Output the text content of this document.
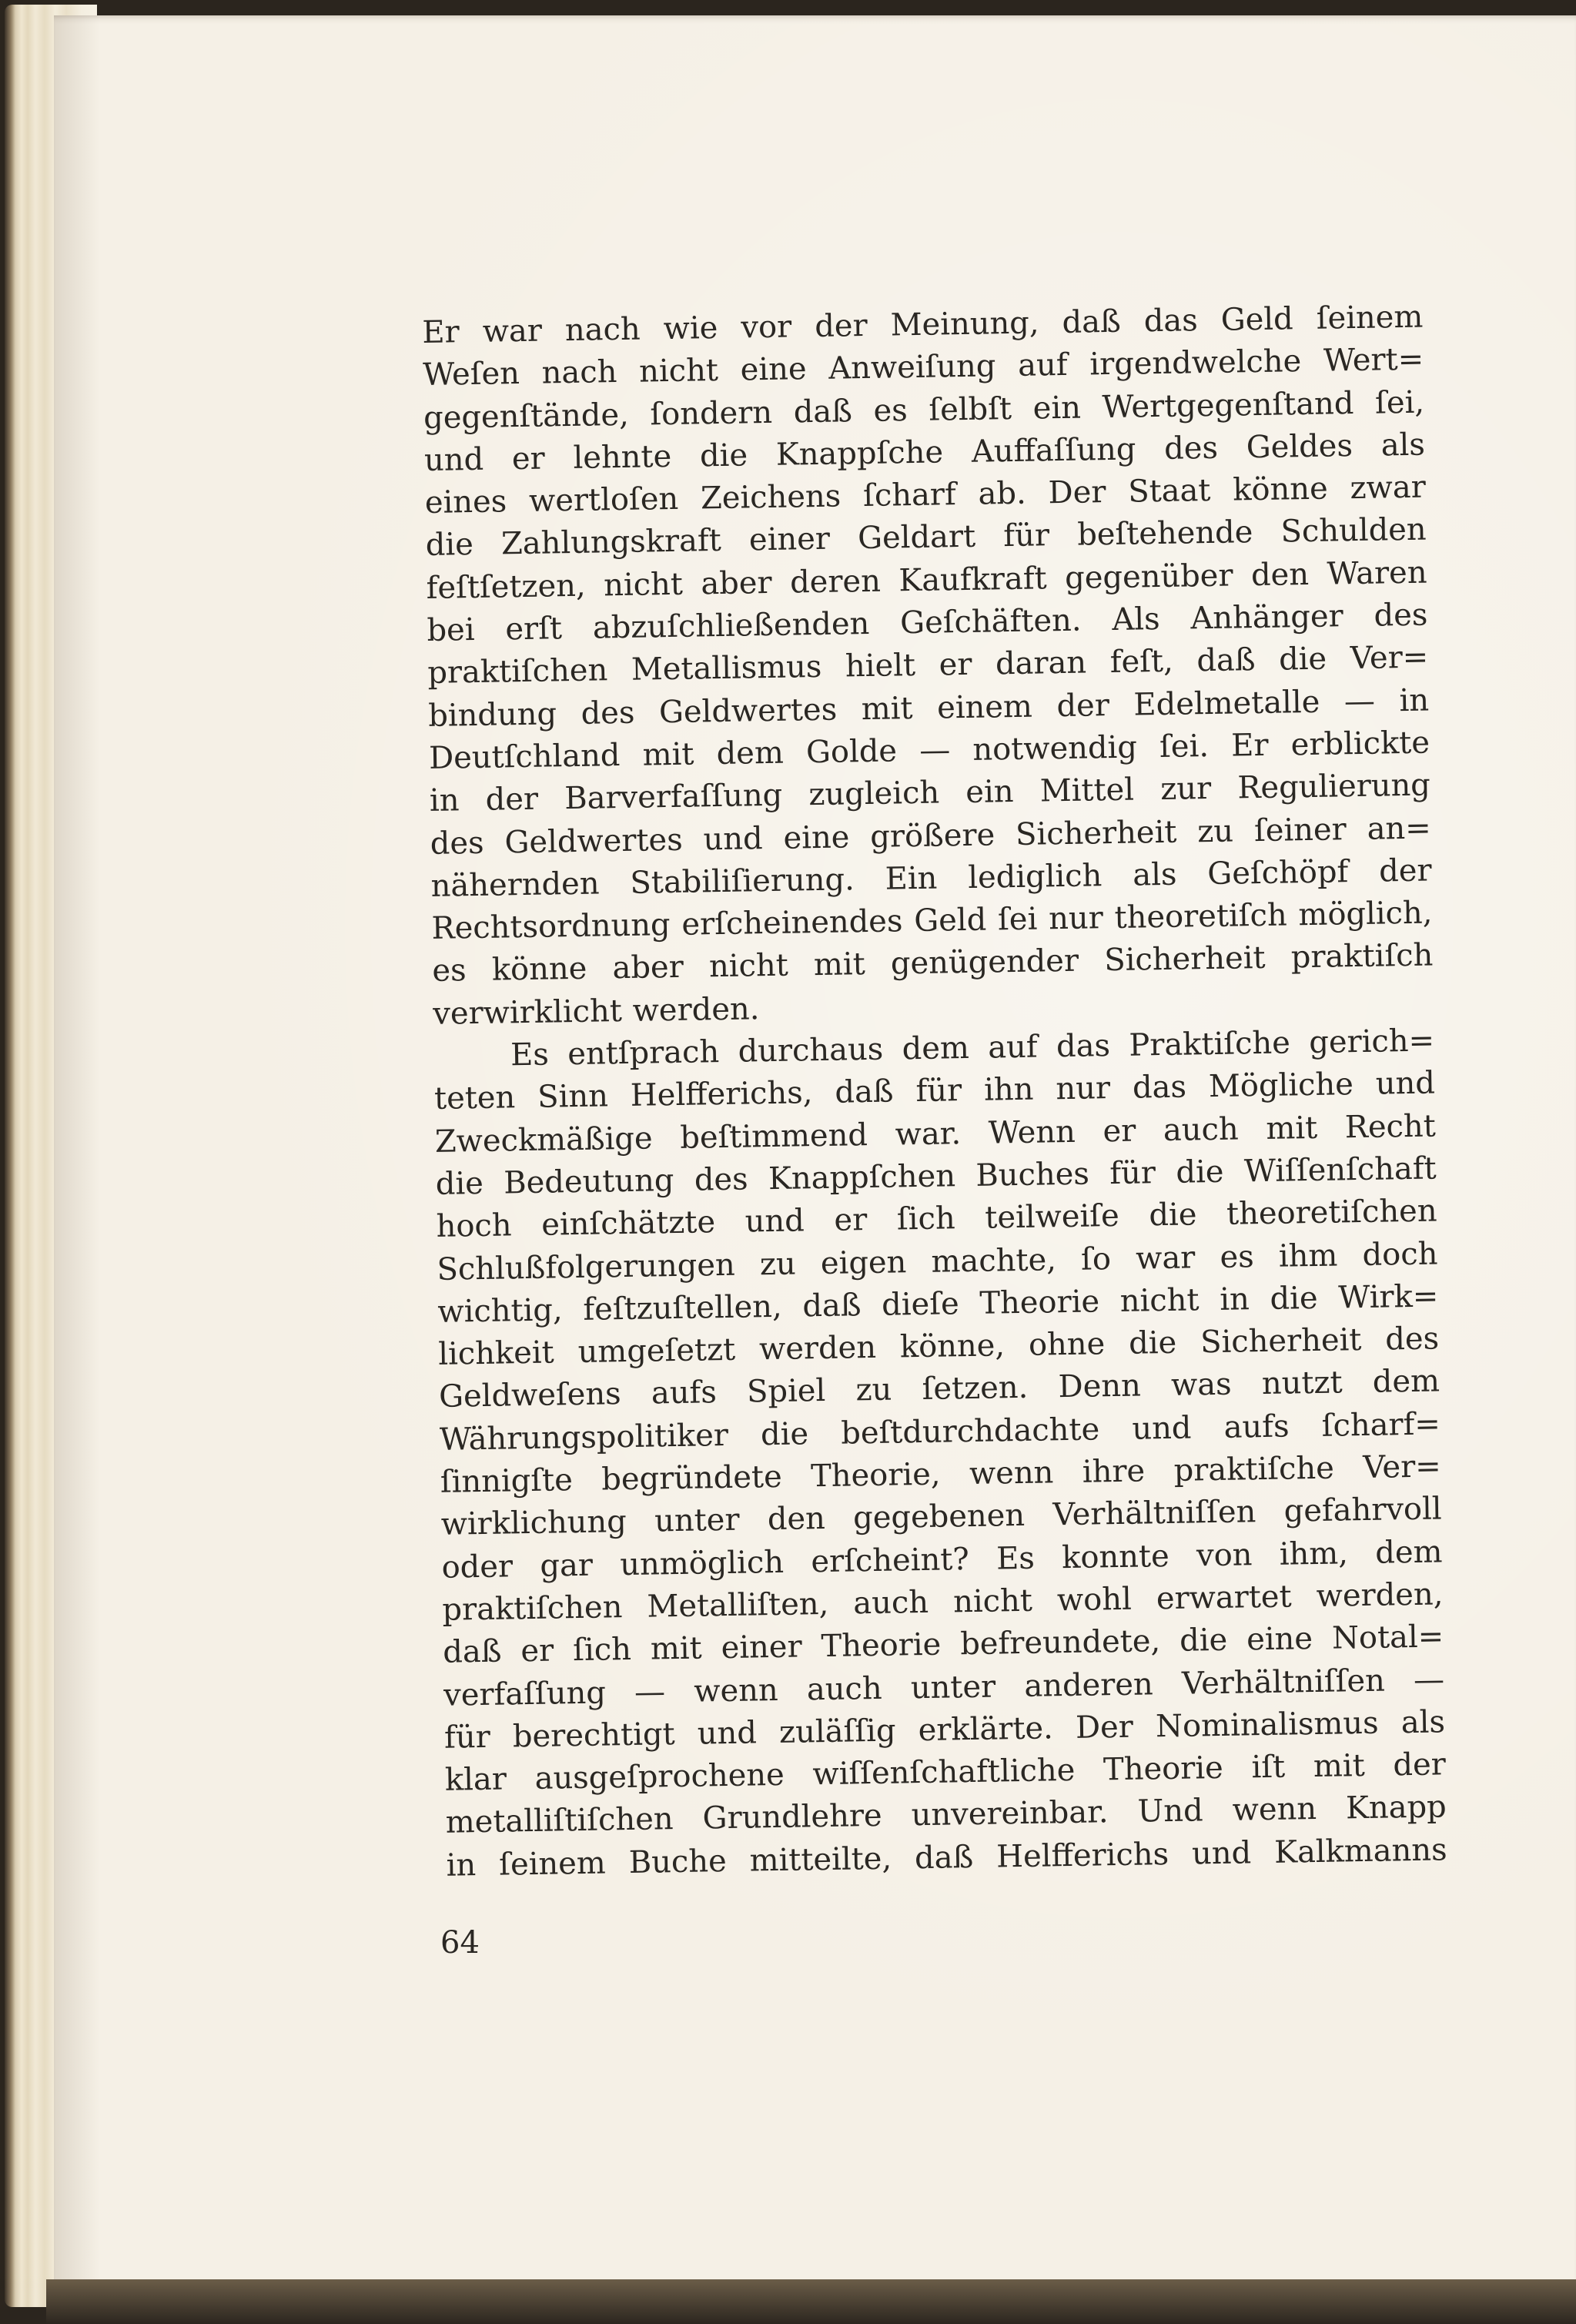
Er war nach wie vor der Meinung, daß das Geld ſeinem
Weſen nach nicht eine Anweiſung auf irgendwelche Wert=
gegenſtände, ſondern daß es ſelbſt ein Wertgegenſtand ſei,
und er lehnte die Knappſche Auffaſſung des Geldes als
eines wertloſen Zeichens ſcharf ab. Der Staat könne zwar
die Zahlungskraft einer Geldart für beſtehende Schulden
feſtſetzen, nicht aber deren Kaufkraft gegenüber den Waren
bei erſt abzuſchließenden Geſchäften. Als Anhänger des
praktiſchen Metallismus hielt er daran feſt, daß die Ver=
bindung des Geldwertes mit einem der Edelmetalle — in
Deutſchland mit dem Golde — notwendig ſei. Er erblickte
in der Barverfaſſung zugleich ein Mittel zur Regulierung
des Geldwertes und eine größere Sicherheit zu ſeiner an=
nähernden Stabiliſierung. Ein lediglich als Geſchöpf der
Rechtsordnung erſcheinendes Geld ſei nur theoretiſch möglich,
es könne aber nicht mit genügender Sicherheit praktiſch
verwirklicht werden.
Es entſprach durchaus dem auf das Praktiſche gerich=
teten Sinn Helfferichs, daß für ihn nur das Mögliche und
Zweckmäßige beſtimmend war. Wenn er auch mit Recht
die Bedeutung des Knappſchen Buches für die Wiſſenſchaft
hoch einſchätzte und er ſich teilweiſe die theoretiſchen
Schlußfolgerungen zu eigen machte, ſo war es ihm doch
wichtig, feſtzuſtellen, daß dieſe Theorie nicht in die Wirk=
lichkeit umgeſetzt werden könne, ohne die Sicherheit des
Geldweſens aufs Spiel zu ſetzen. Denn was nutzt dem
Währungspolitiker die beſtdurchdachte und aufs ſcharf=
ſinnigſte begründete Theorie, wenn ihre praktiſche Ver=
wirklichung unter den gegebenen Verhältniſſen gefahrvoll
oder gar unmöglich erſcheint? Es konnte von ihm, dem
praktiſchen Metalliſten, auch nicht wohl erwartet werden,
daß er ſich mit einer Theorie befreundete, die eine Notal=
verfaſſung — wenn auch unter anderen Verhältniſſen —
für berechtigt und zuläſſig erklärte. Der Nominalismus als
klar ausgeſprochene wiſſenſchaftliche Theorie iſt mit der
metalliſtiſchen Grundlehre unvereinbar. Und wenn Knapp
in ſeinem Buche mitteilte, daß Helfferichs und Kalkmanns
64
